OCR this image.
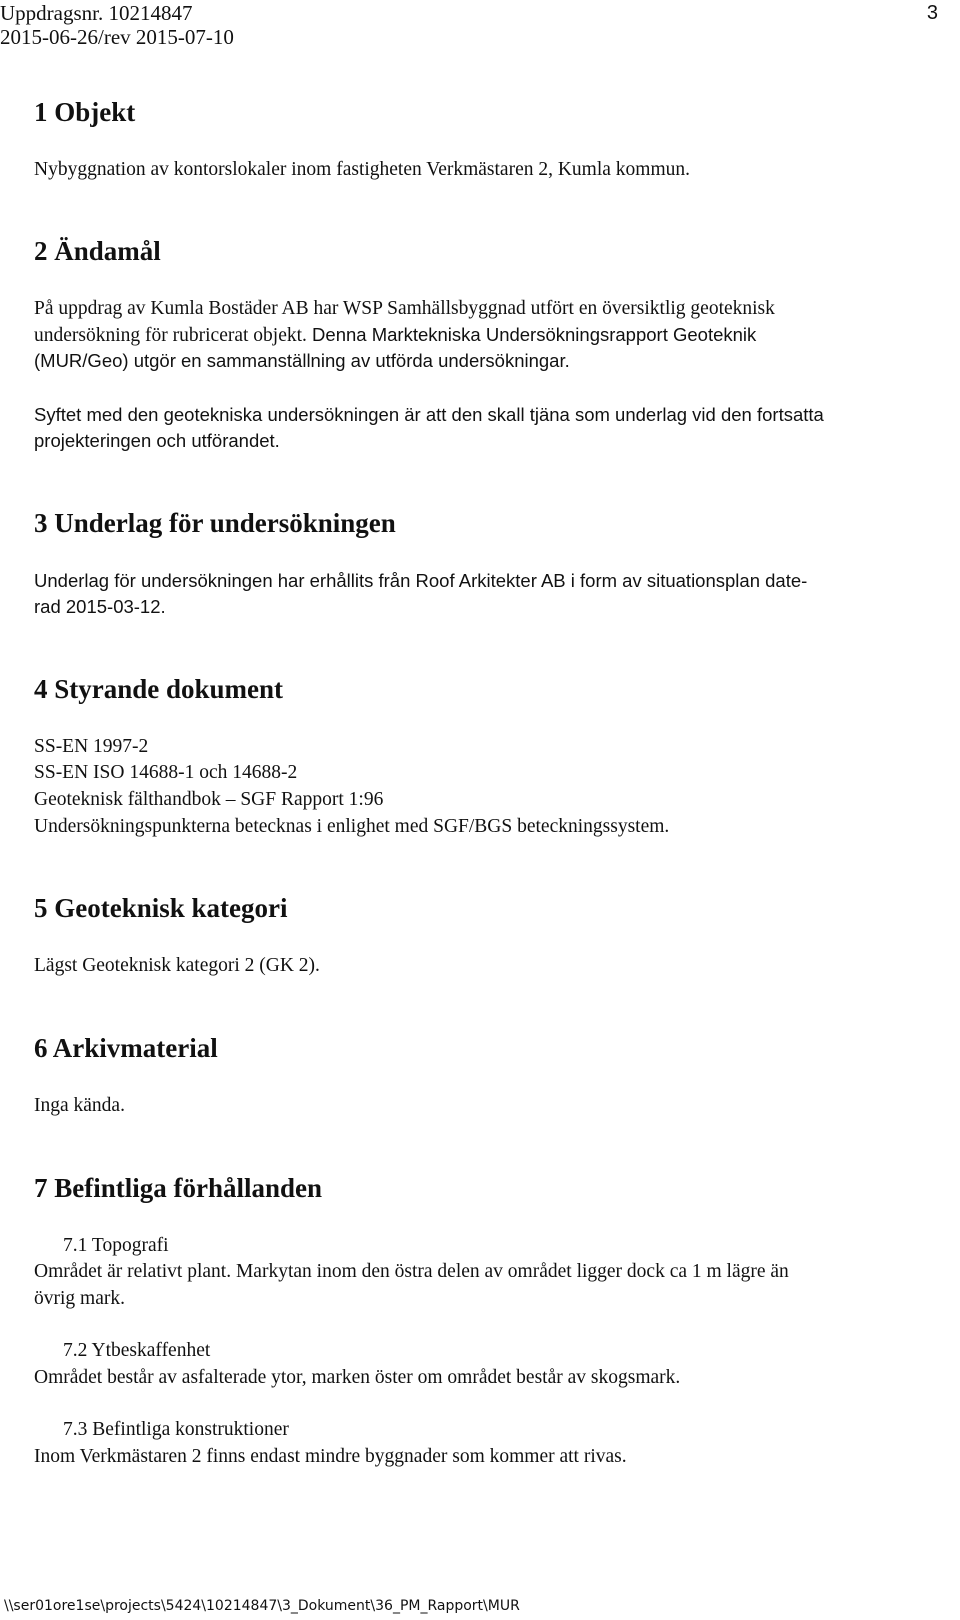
Uppdragsnr. 10214847
2015-06-26/rev 2015-07-10
3
1 Objekt
Nybyggnation av kontorslokaler inom fastigheten Verkmästaren 2, Kumla kommun.
2 Ändamål
På uppdrag av Kumla Bostäder AB har WSP Samhällsbyggnad utfört en översiktlig geoteknisk
undersökning för rubricerat objekt. Denna Marktekniska Undersökningsrapport Geoteknik
(MUR/Geo) utgör en sammanställning av utförda undersökningar.
Syftet med den geotekniska undersökningen är att den skall tjäna som underlag vid den fortsatta
projekteringen och utförandet.
3 Underlag för undersökningen
Underlag för undersökningen har erhållits från Roof Arkitekter AB i form av situationsplan date-
rad 2015-03-12.
4 Styrande dokument
SS-EN 1997-2
SS-EN ISO 14688-1 och 14688-2
Geoteknisk fälthandbok – SGF Rapport 1:96
Undersökningspunkterna betecknas i enlighet med SGF/BGS beteckningssystem.
5 Geoteknisk kategori
Lägst Geoteknisk kategori 2 (GK 2).
6 Arkivmaterial
Inga kända.
7 Befintliga förhållanden
7.1 Topografi
Området är relativt plant. Markytan inom den östra delen av området ligger dock ca 1 m lägre än
övrig mark.
7.2 Ytbeskaffenhet
Området består av asfalterade ytor, marken öster om området består av skogsmark.
7.3 Befintliga konstruktioner
Inom Verkmästaren 2 finns endast mindre byggnader som kommer att rivas.
\\ser01ore1se\projects\5424\10214847\3_Dokument\36_PM_Rapport\MUR
